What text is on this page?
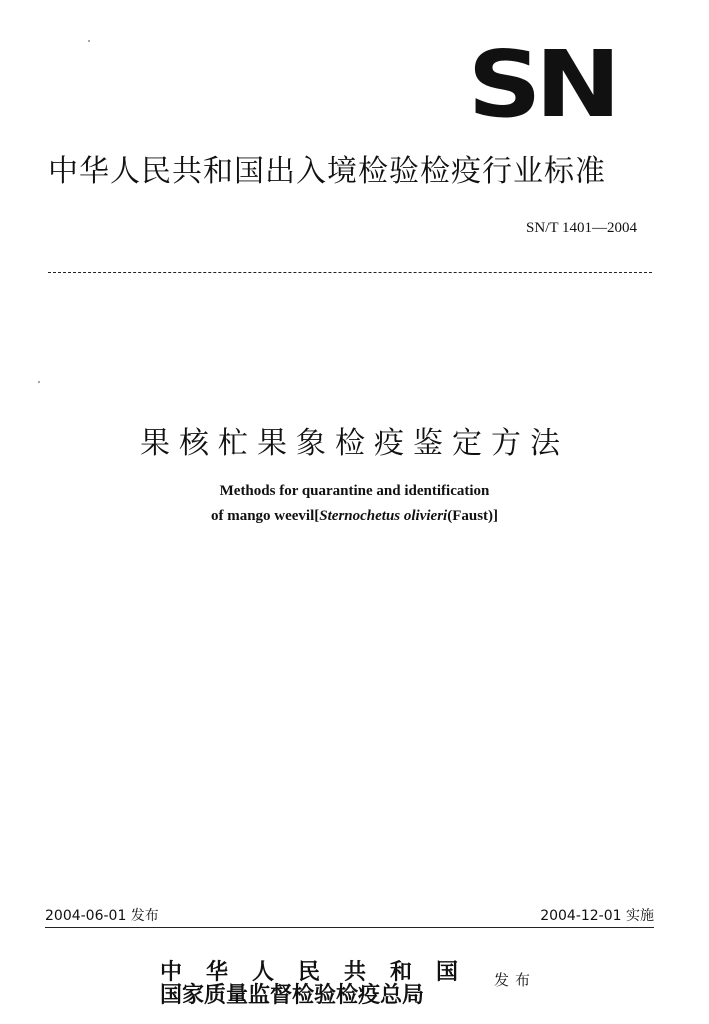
SN
中华人民共和国出入境检验检疫行业标准
SN/T 1401—2004
果核杧果象检疫鉴定方法
Methods for quarantine and identification
of mango weevil[Sternochetus olivieri(Faust)]
2004-06-01 发布	2004-12-01 实施
中华人民共和国
国家质量监督检验检疫总局
发布
